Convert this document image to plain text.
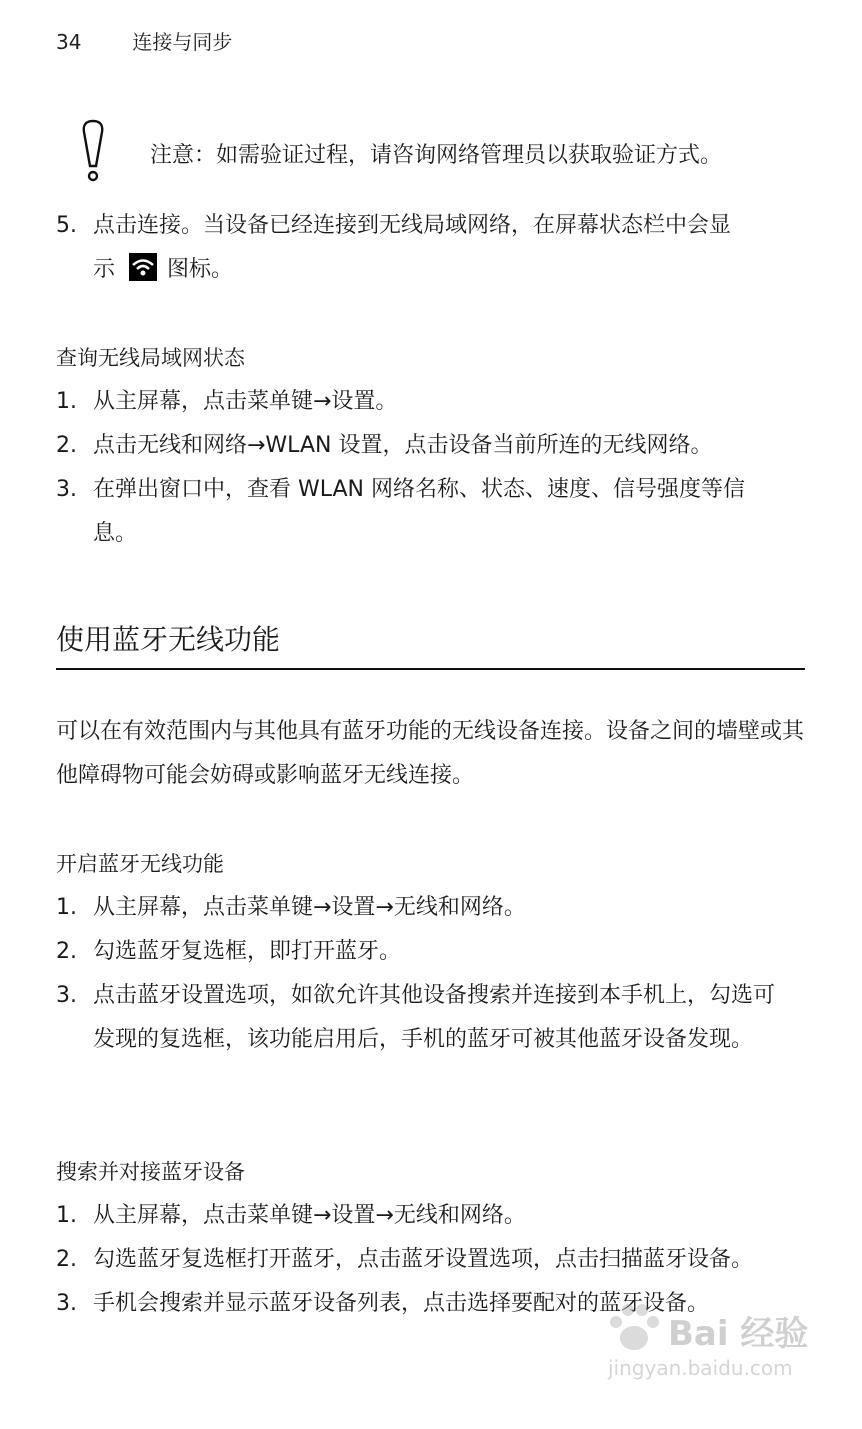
34	连接与同步
注意：如需验证过程，请咨询网络管理员以获取验证方式。
5. 点击连接。当设备已经连接到无线局域网络，在屏幕状态栏中会显
示 图标。
查询无线局域网状态
1. 从主屏幕，点击菜单键→设置。
2. 点击无线和网络→WLAN 设置，点击设备当前所连的无线网络。
3. 在弹出窗口中，查看 WLAN 网络名称、状态、速度、信号强度等信息。
使用蓝牙无线功能
可以在有效范围内与其他具有蓝牙功能的无线设备连接。设备之间的墙壁或其他障碍物可能会妨碍或影响蓝牙无线连接。
开启蓝牙无线功能
1. 从主屏幕，点击菜单键→设置→无线和网络。
2. 勾选蓝牙复选框，即打开蓝牙。
3. 点击蓝牙设置选项，如欲允许其他设备搜索并连接到本手机上，勾选可发现的复选框，该功能启用后，手机的蓝牙可被其他蓝牙设备发现。
搜索并对接蓝牙设备
1. 从主屏幕，点击菜单键→设置→无线和网络。
2. 勾选蓝牙复选框打开蓝牙，点击蓝牙设置选项，点击扫描蓝牙设备。
3. 手机会搜索并显示蓝牙设备列表，点击选择要配对的蓝牙设备。
Bai 经验
jingyan.baidu.com
